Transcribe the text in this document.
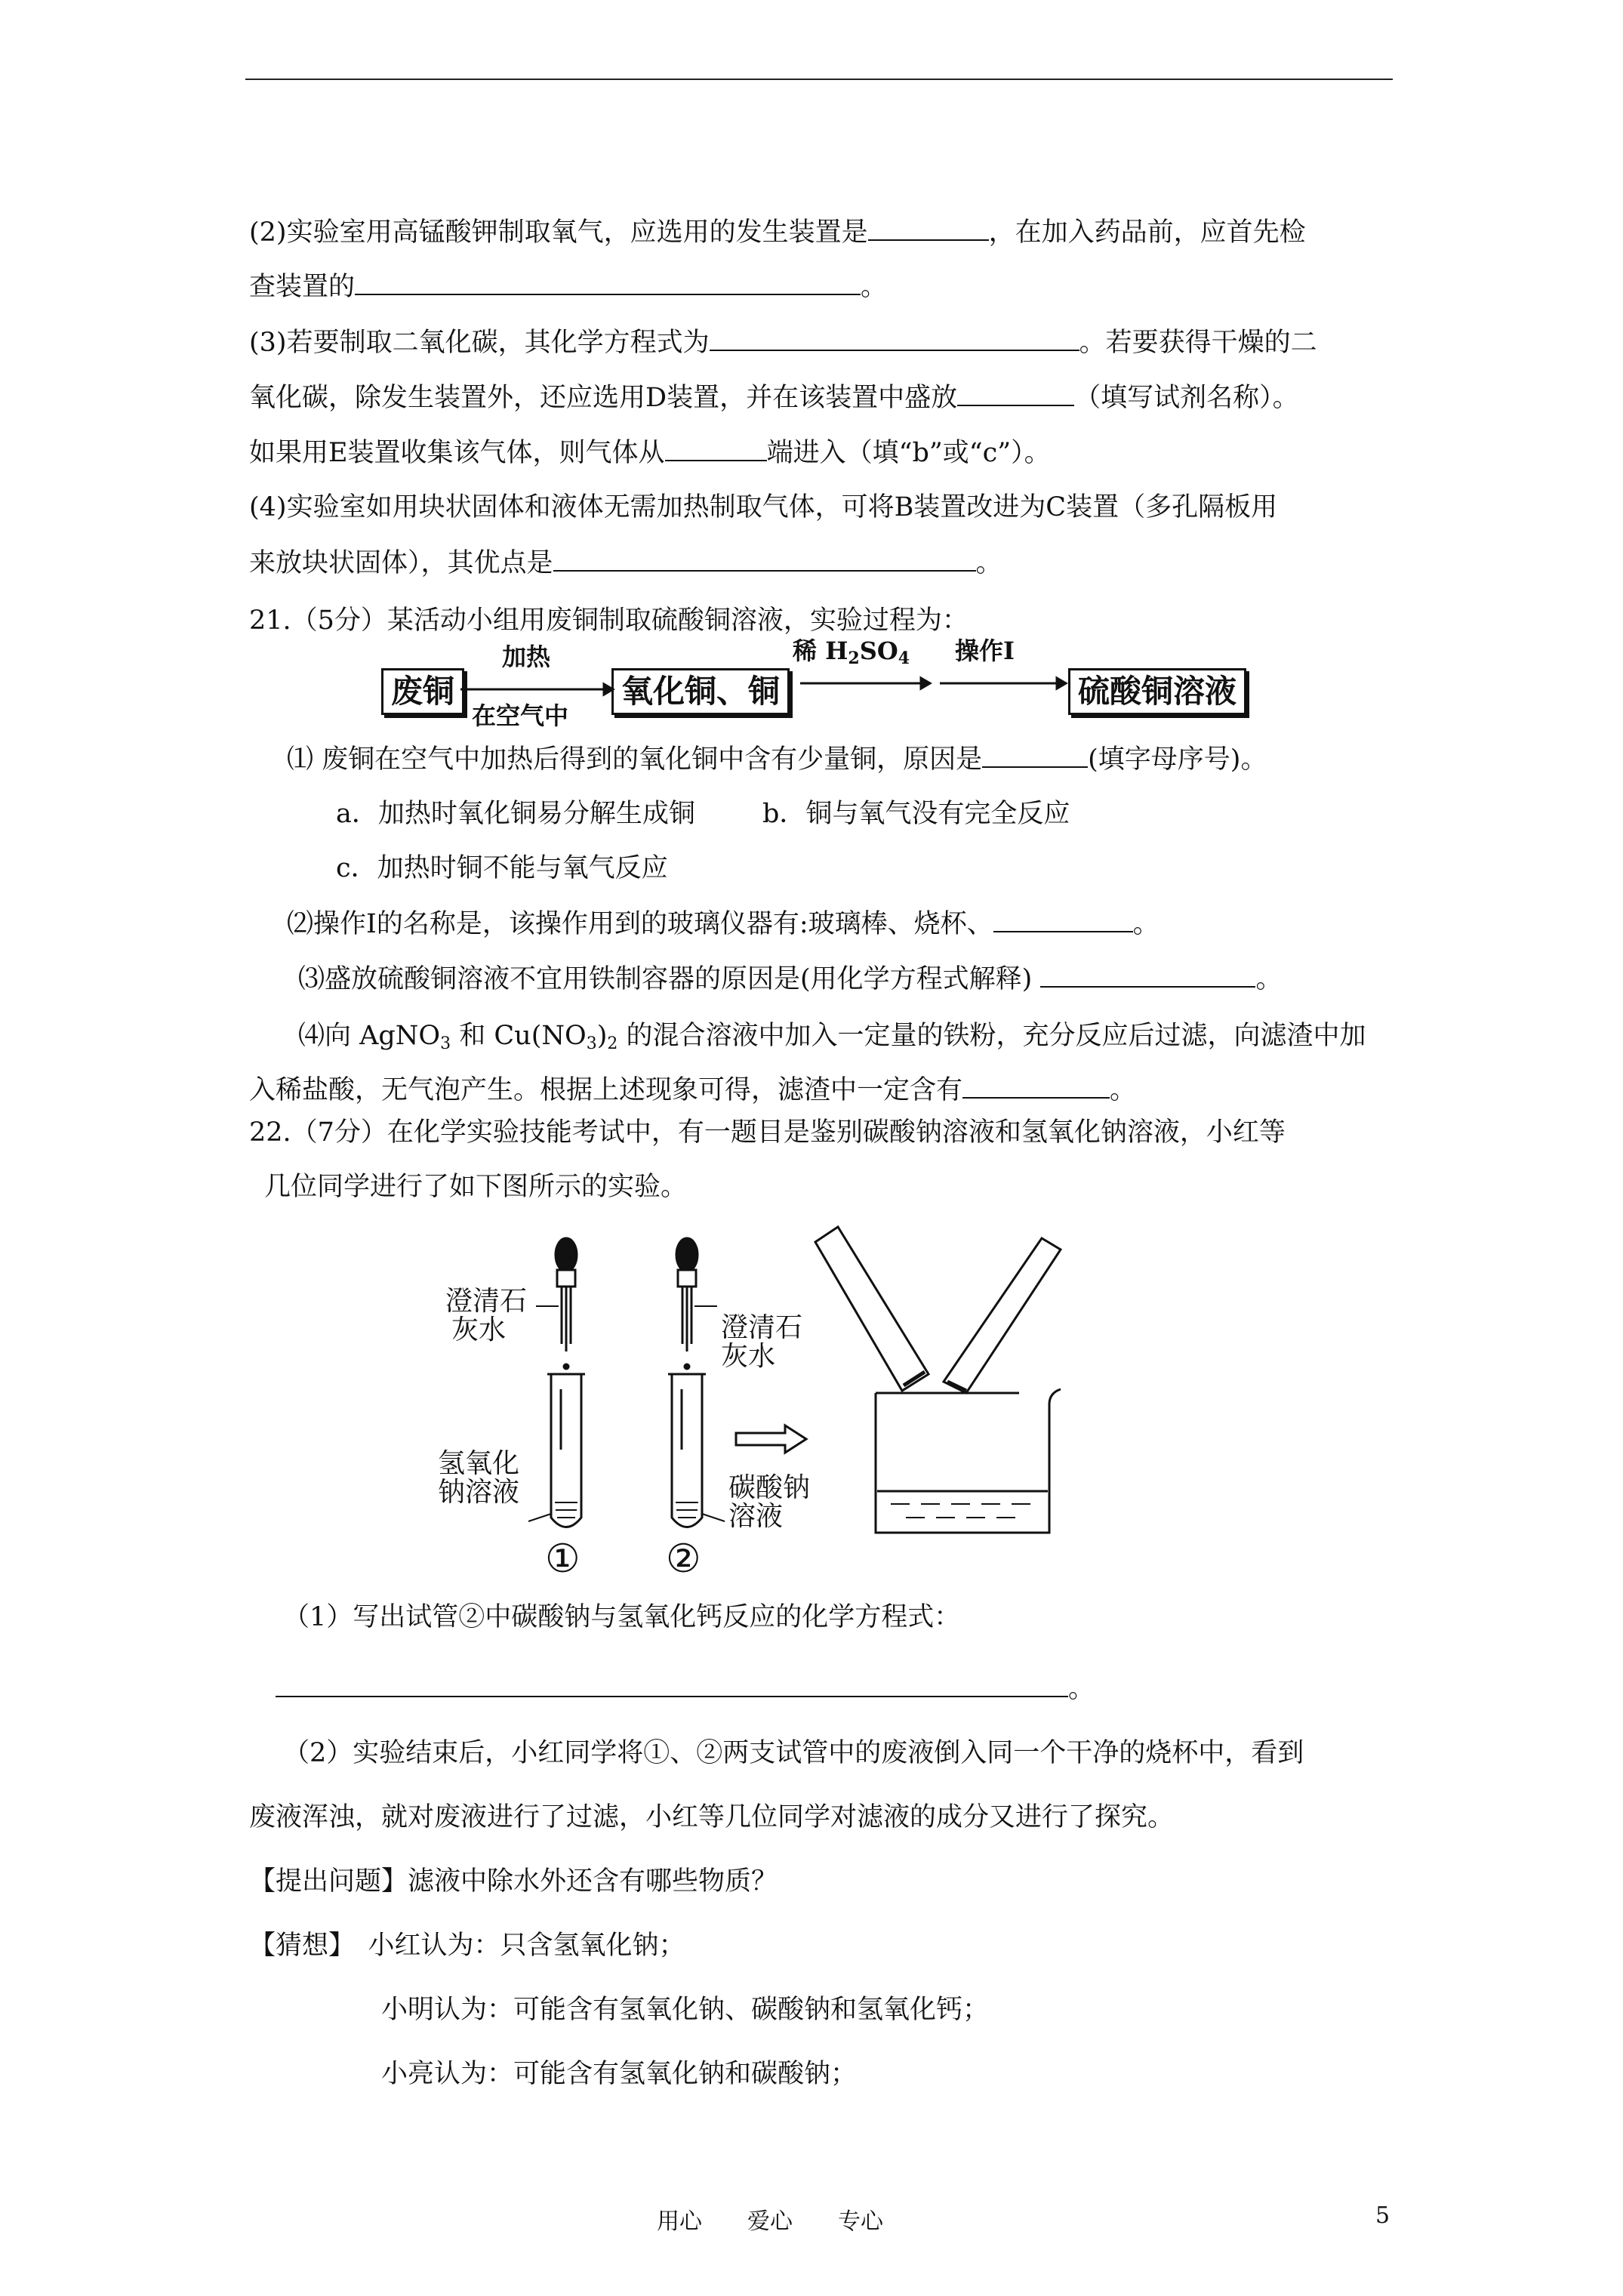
(2)实验室用高锰酸钾制取氧气，应选用的发生装置是	，在加入药品前，应首先检
查装置的	。
(3)若要制取二氧化碳，其化学方程式为	。若要获得干燥的二
氧化碳，除发生装置外，还应选用D装置，并在该装置中盛放	（填写试剂名称）。
如果用E装置收集该气体，则气体从	端进入（填“b”或“c”）。
(4)实验室如用块状固体和液体无需加热制取气体，可将B装置改进为C装置（多孔隔板用
来放块状固体），其优点是	。
21.（5分）某活动小组用废铜制取硫酸铜溶液，实验过程为：
废铜
加热
在空气中
氧化铜、铜
稀 $H_2SO_4$ 操作Ⅰ
硫酸铜溶液
⑴ 废铜在空气中加热后得到的氧化铜中含有少量铜，原因是	(填字母序号)。
a．加热时氧化铜易分解生成铜	b．铜与氧气没有完全反应
c．加热时铜不能与氧气反应
⑵操作Ⅰ的名称是，该操作用到的玻璃仪器有:玻璃棒、烧杯、	。
⑶盛放硫酸铜溶液不宜用铁制容器的原因是(用化学方程式解释)	。
⑷向 AgNO$_3$ 和 $Cu(NO_3)_2$ 的混合溶液中加入一定量的铁粉，充分反应后过滤，向滤渣中加
入稀盐酸，无气泡产生。根据上述现象可得，滤渣中一定含有	。
22.（7分）在化学实验技能考试中，有一题目是鉴别碳酸钠溶液和氢氧化钠溶液，小红等
几位同学进行了如下图所示的实验。
澄清石
灰水	澄清石
灰水
氢氧化
钠溶液	碳酸钠
溶液
① ②
（1）写出试管②中碳酸钠与氢氧化钙反应的化学方程式：
。
（2）实验结束后，小红同学将①、②两支试管中的废液倒入同一个干净的烧杯中，看到
废液浑浊，就对废液进行了过滤，小红等几位同学对滤液的成分又进行了探究。
【提出问题】滤液中除水外还含有哪些物质？
【猜想】　 小红认为：只含氢氧化钠；
小明认为：可能含有氢氧化钠、碳酸钠和氢氧化钙；
小亮认为：可能含有氢氧化钠和碳酸钠；
用心　　爱心　　专心	5
